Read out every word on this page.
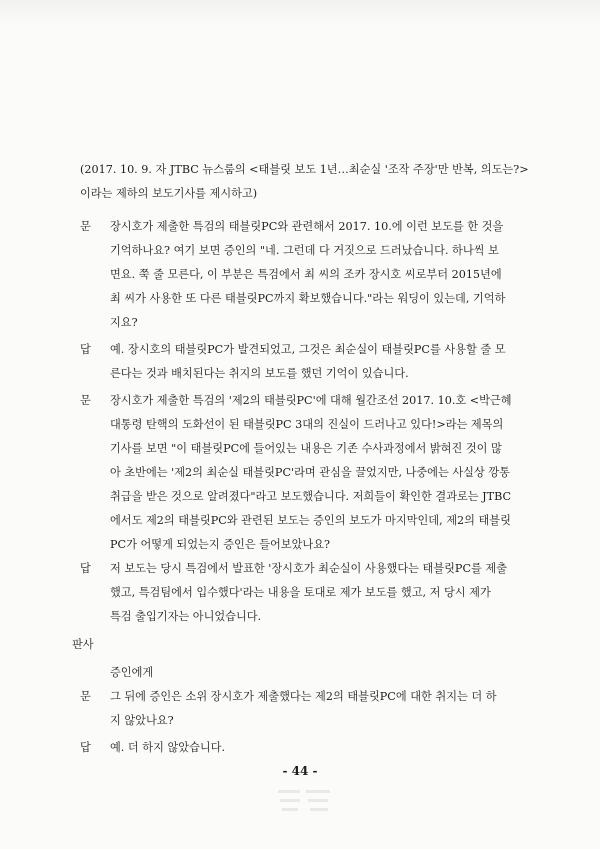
(2017. 10. 9. 자 JTBC 뉴스룸의 <태블릿 보도 1년…최순실 '조작 주장'만 반복, 의도는?>
이라는 제하의 보도기사를 제시하고)
문	장시호가 제출한 특검의 태블릿PC와 관련해서 2017. 10.에 이런 보도를 한 것을
기억하나요? 여기 보면 증인의 "네. 그런데 다 거짓으로 드러났습니다. 하나씩 보
면요. 쭉 줄 모른다, 이 부분은 특검에서 최 씨의 조카 장시호 씨로부터 2015년에
최 씨가 사용한 또 다른 태블릿PC까지 확보했습니다."라는 워딩이 있는데, 기억하
지요?
답	예. 장시호의 태블릿PC가 발견되었고, 그것은 최순실이 태블릿PC를 사용할 줄 모
른다는 것과 배치된다는 취지의 보도를 했던 기억이 있습니다.
문	장시호가 제출한 특검의 '제2의 태블릿PC'에 대해 월간조선 2017. 10.호 <박근혜
대통령 탄핵의 도화선이 된 태블릿PC 3대의 진실이 드러나고 있다!>라는 제목의
기사를 보면 "이 태블릿PC에 들어있는 내용은 기존 수사과정에서 밝혀진 것이 많
아 초반에는 '제2의 최순실 태블릿PC'라며 관심을 끌었지만, 나중에는 사실상 깡통
취급을 받은 것으로 알려졌다"라고 보도했습니다. 저희들이 확인한 결과로는 JTBC
에서도 제2의 태블릿PC와 관련된 보도는 증인의 보도가 마지막인데, 제2의 태블릿
PC가 어떻게 되었는지 증인은 들어보았나요?
답	저 보도는 당시 특검에서 발표한 '장시호가 최순실이 사용했다는 태블릿PC를 제출
했고, 특검팀에서 입수했다'라는 내용을 토대로 제가 보도를 했고, 저 당시 제가
특검 출입기자는 아니었습니다.
판사
증인에게
문	그 뒤에 증인은 소위 장시호가 제출했다는 제2의 태블릿PC에 대한 취지는 더 하
지 않았나요?
답	예. 더 하지 않았습니다.
- 44 -
